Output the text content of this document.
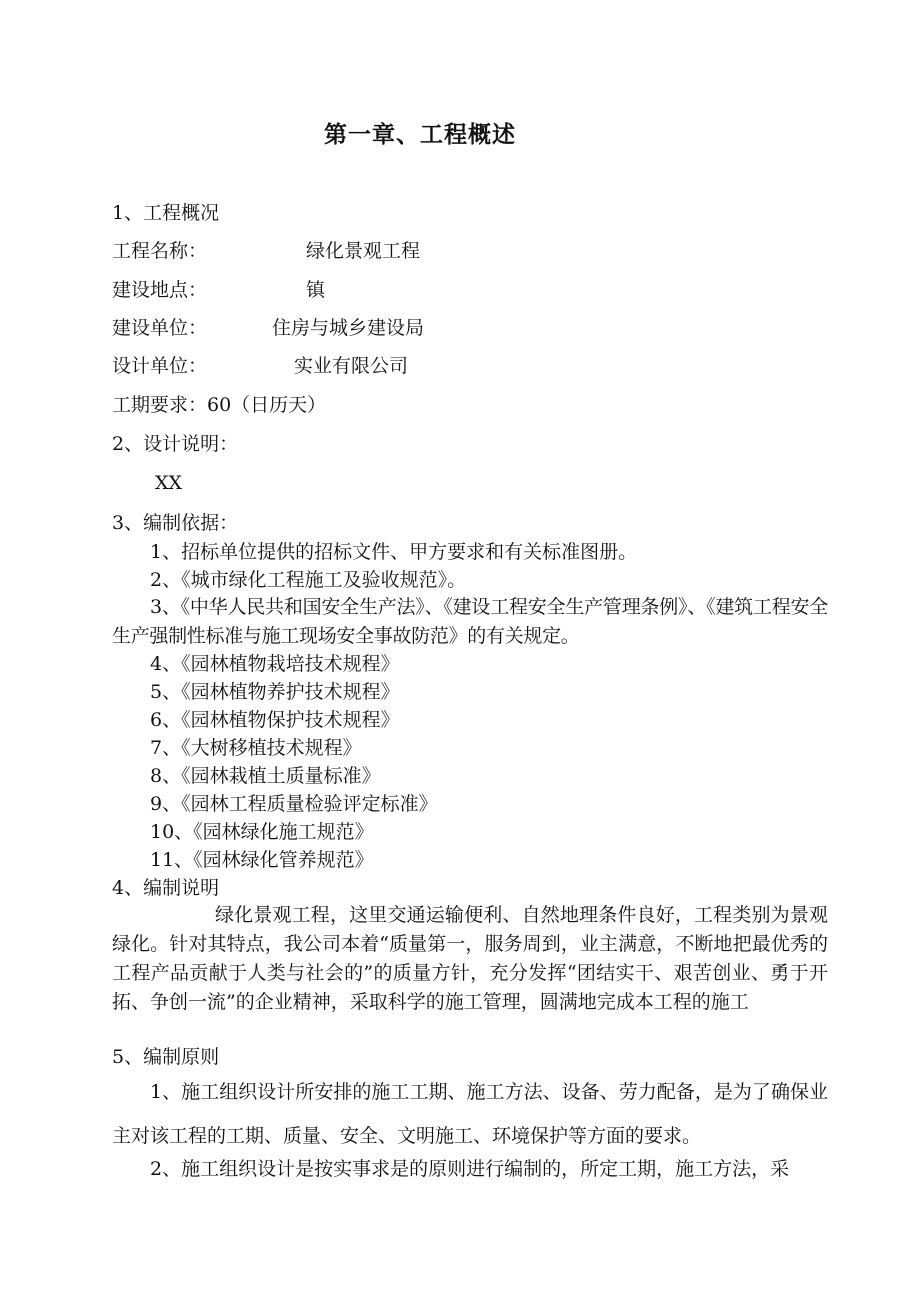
第一章、工程概述
1、工程概况
工程名称：	绿化景观工程
建设地点：	镇
建设单位：	住房与城乡建设局
设计单位：	实业有限公司
工期要求：60（日历天）
2、设计说明：
XX
3、编制依据：
1、招标单位提供的招标文件、甲方要求和有关标准图册。
2、《城市绿化工程施工及验收规范》。
3、《中华人民共和国安全生产法》、《建设工程安全生产管理条例》、《建筑工程安全生产强制性标准与施工现场安全事故防范》的有关规定。
4、《园林植物栽培技术规程》
5、《园林植物养护技术规程》
6、《园林植物保护技术规程》
7、《大树移植技术规程》
8、《园林栽植土质量标准》
9、《园林工程质量检验评定标准》
10、《园林绿化施工规范》
11、《园林绿化管养规范》
4、编制说明
绿化景观工程，这里交通运输便利、自然地理条件良好，工程类别为景观绿化。针对其特点，我公司本着“质量第一，服务周到，业主满意，不断地把最优秀的工程产品贡献于人类与社会的”的质量方针，充分发挥“团结实干、艰苦创业、勇于开拓、争创一流”的企业精神，采取科学的施工管理，圆满地完成本工程的施工
5、编制原则
1、施工组织设计所安排的施工工期、施工方法、设备、劳力配备，是为了确保业主对该工程的工期、质量、安全、文明施工、环境保护等方面的要求。
2、施工组织设计是按实事求是的原则进行编制的，所定工期，施工方法，采
